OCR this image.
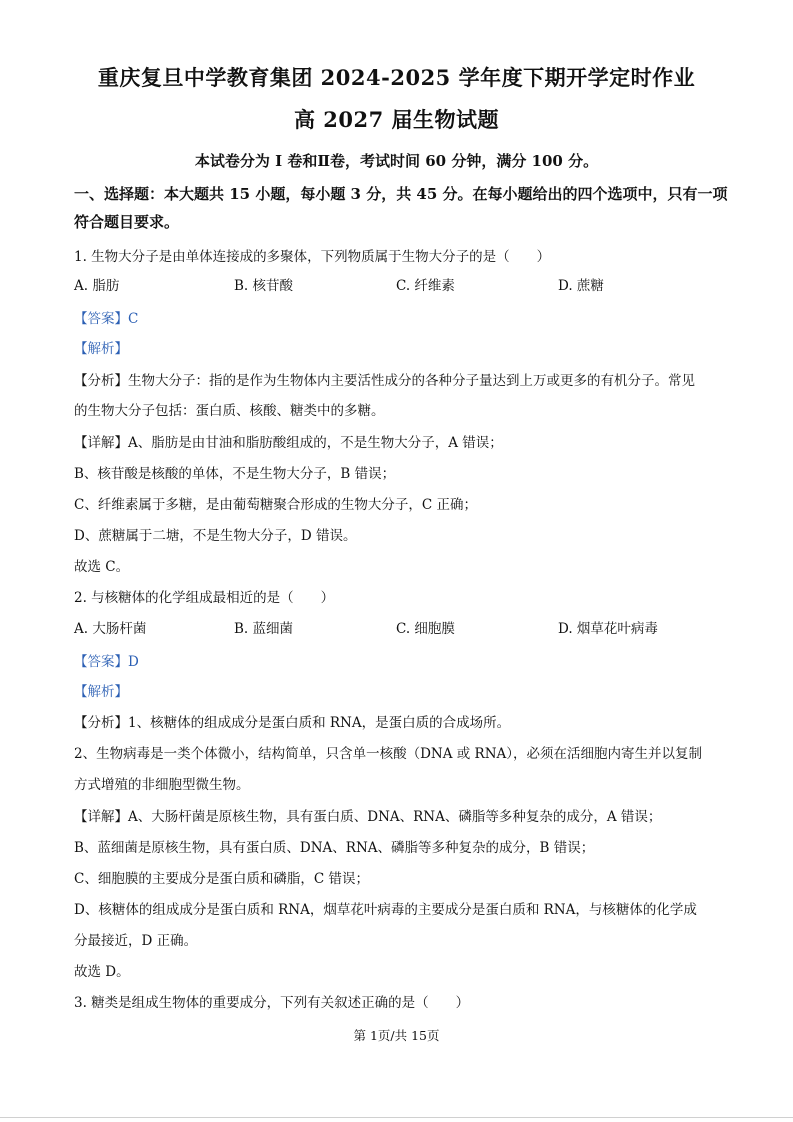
重庆复旦中学教育集团 2024-2025 学年度下期开学定时作业
高 2027 届生物试题
本试卷分为 I 卷和Ⅱ卷，考试时间 60 分钟，满分 100 分。
一、选择题：本大题共 15 小题，每小题 3 分，共 45 分。在每小题给出的四个选项中，只有一项符合题目要求。
1. 生物大分子是由单体连接成的多聚体，下列物质属于生物大分子的是（　　）
A. 脂肪	B. 核苷酸	C. 纤维素	D. 蔗糖
【答案】C
【解析】
【分析】生物大分子：指的是作为生物体内主要活性成分的各种分子量达到上万或更多的有机分子。常见
的生物大分子包括：蛋白质、核酸、糖类中的多糖。
【详解】A、脂肪是由甘油和脂肪酸组成的，不是生物大分子，A 错误；
B、核苷酸是核酸的单体，不是生物大分子，B 错误；
C、纤维素属于多糖，是由葡萄糖聚合形成的生物大分子，C 正确；
D、蔗糖属于二塘，不是生物大分子，D 错误。
故选 C。
2. 与核糖体的化学组成最相近的是（　　）
A. 大肠杆菌	B. 蓝细菌	C. 细胞膜	D. 烟草花叶病毒
【答案】D
【解析】
【分析】1、核糖体的组成成分是蛋白质和 RNA，是蛋白质的合成场所。
2、生物病毒是一类个体微小，结构简单，只含单一核酸（DNA 或 RNA），必须在活细胞内寄生并以复制
方式增殖的非细胞型微生物。
【详解】A、大肠杆菌是原核生物，具有蛋白质、DNA、RNA、磷脂等多种复杂的成分，A 错误；
B、蓝细菌是原核生物，具有蛋白质、DNA、RNA、磷脂等多种复杂的成分，B 错误；
C、细胞膜的主要成分是蛋白质和磷脂，C 错误；
D、核糖体的组成成分是蛋白质和 RNA，烟草花叶病毒的主要成分是蛋白质和 RNA，与核糖体的化学成
分最接近，D 正确。
故选 D。
3. 糖类是组成生物体的重要成分，下列有关叙述正确的是（　　）
第 1页/共 15页
